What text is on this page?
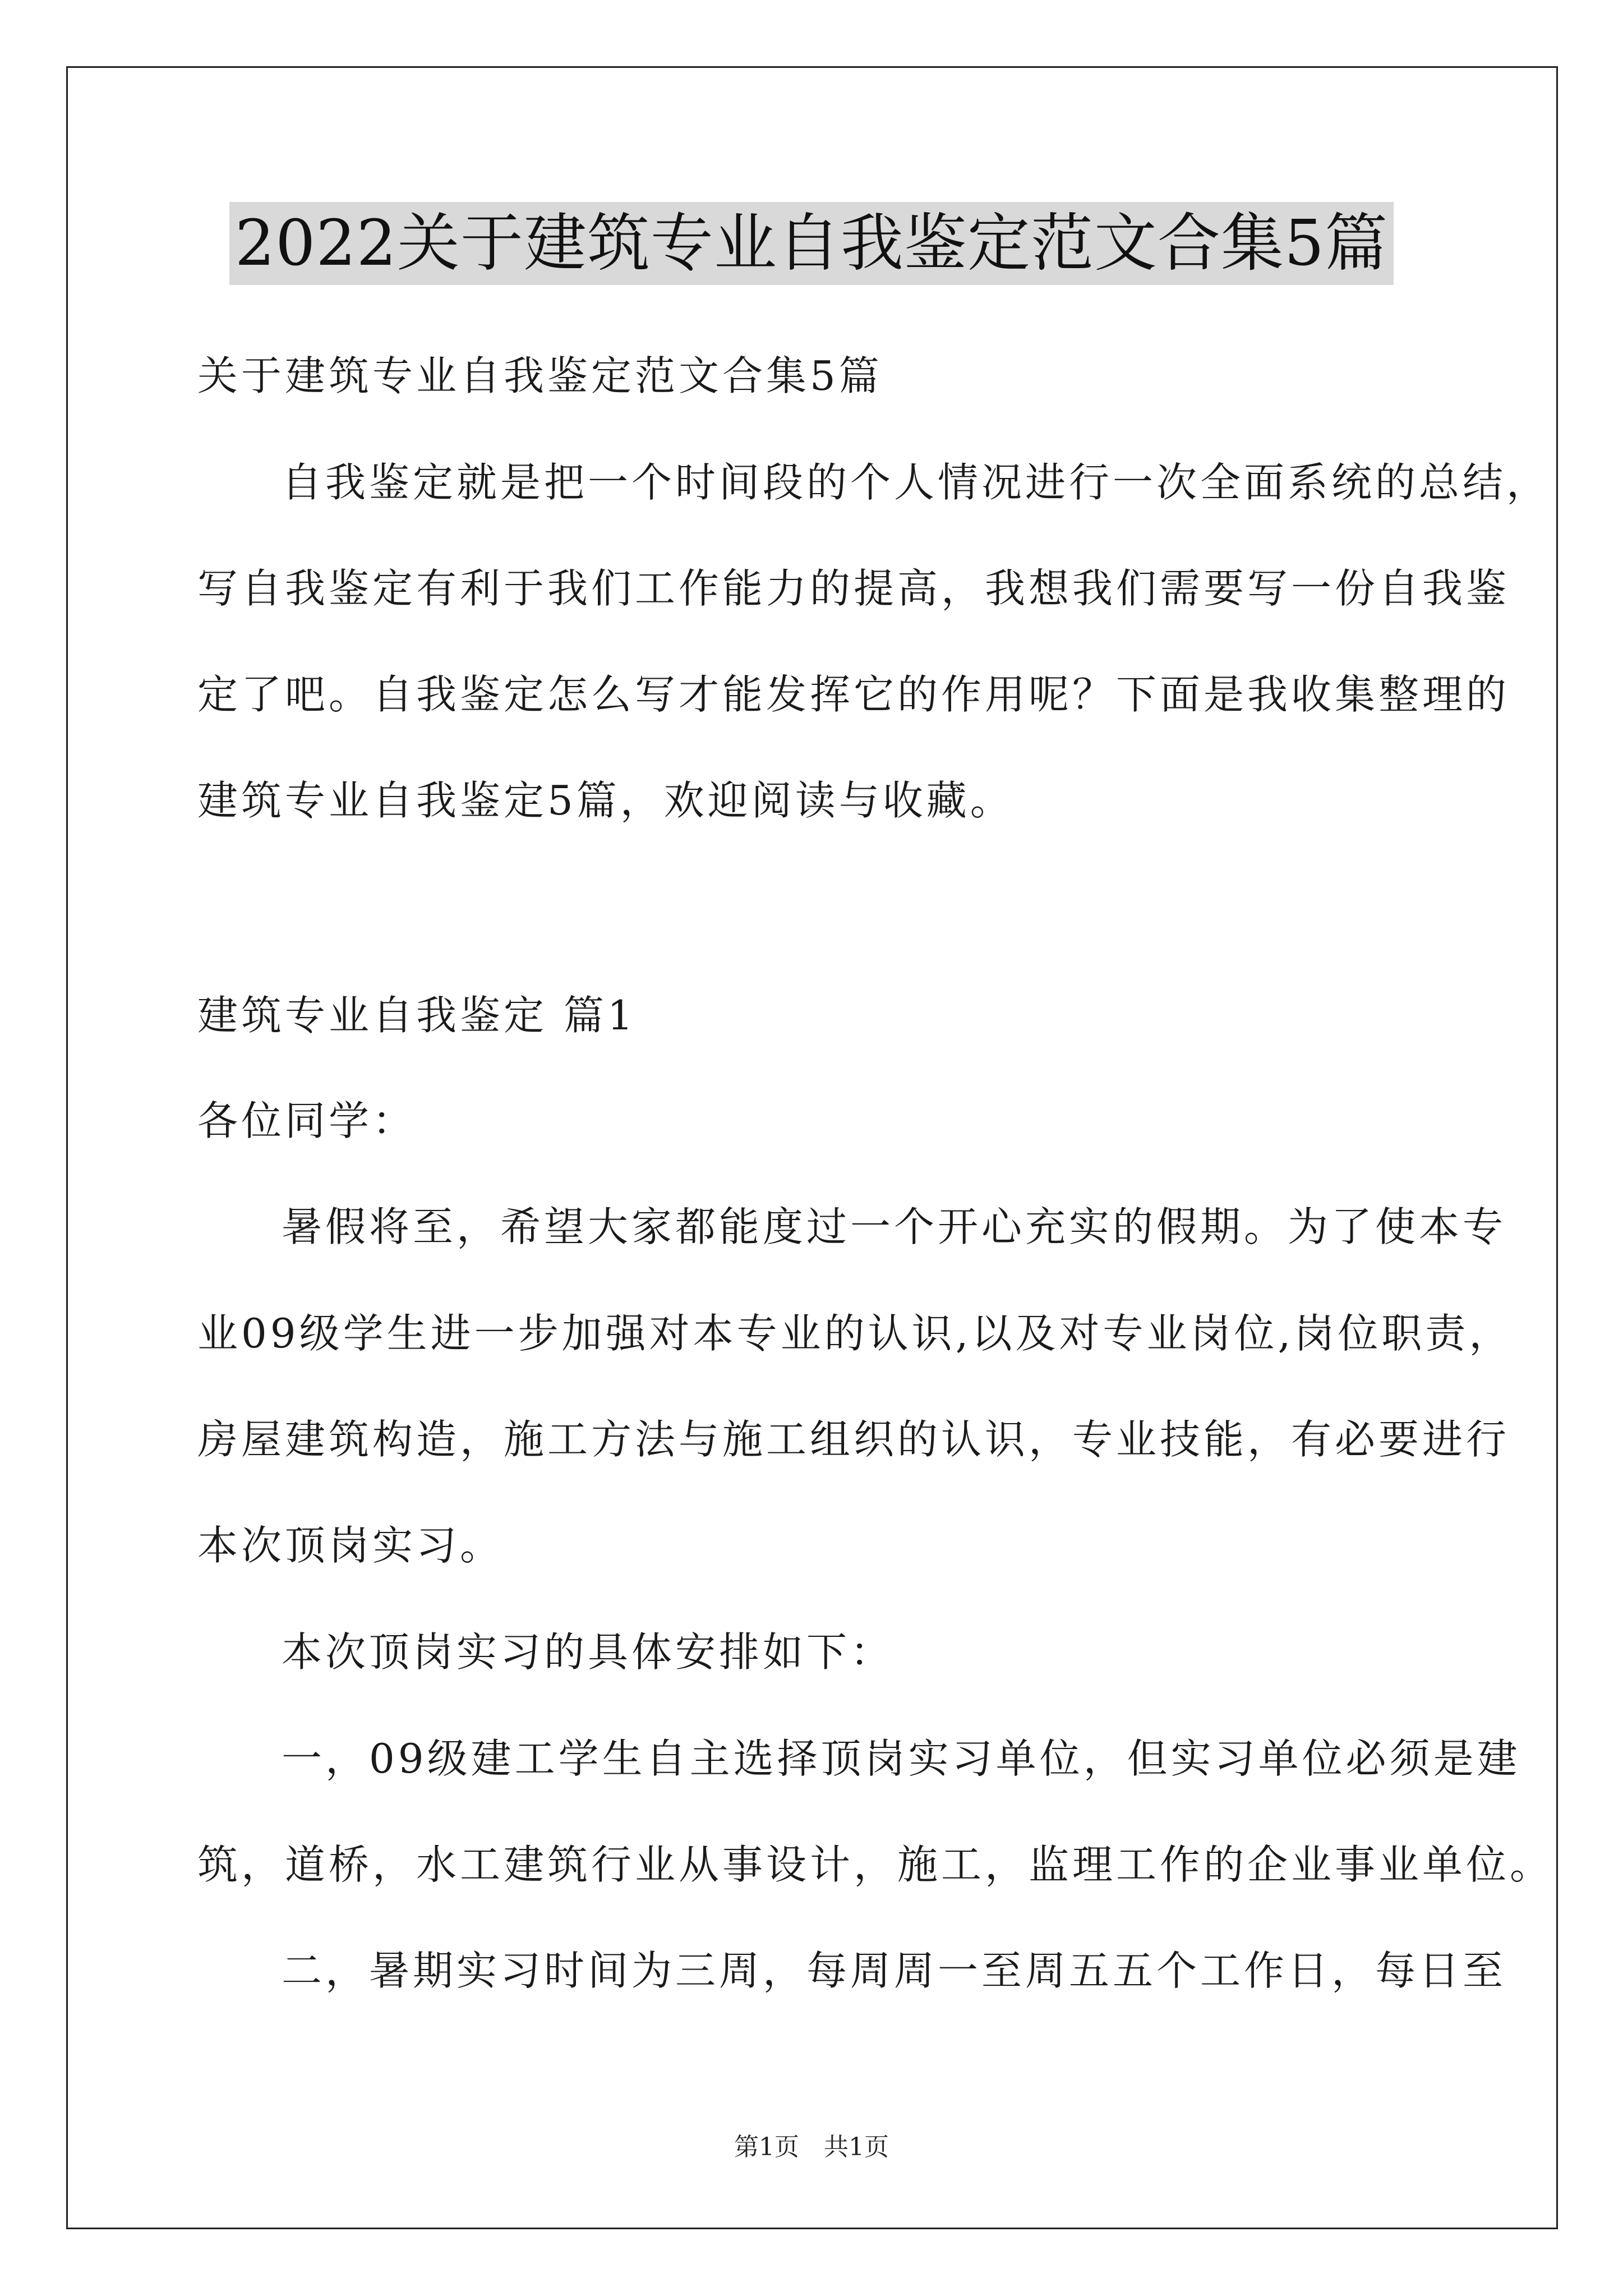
2022关于建筑专业自我鉴定范文合集5篇
关于建筑专业自我鉴定范文合集5篇
自我鉴定就是把一个时间段的个人情况进行一次全面系统的总结，
写自我鉴定有利于我们工作能力的提高，我想我们需要写一份自我鉴
定了吧。自我鉴定怎么写才能发挥它的作用呢？下面是我收集整理的
建筑专业自我鉴定5篇，欢迎阅读与收藏。
建筑专业自我鉴定 篇1
各位同学：
暑假将至，希望大家都能度过一个开心充实的假期。为了使本专
业09级学生进一步加强对本专业的认识,以及对专业岗位,岗位职责，
房屋建筑构造，施工方法与施工组织的认识，专业技能，有必要进行
本次顶岗实习。
本次顶岗实习的具体安排如下：
一，09级建工学生自主选择顶岗实习单位，但实习单位必须是建
筑，道桥，水工建筑行业从事设计，施工，监理工作的企业事业单位。
二，暑期实习时间为三周，每周周一至周五五个工作日，每日至
第1页　共1页
